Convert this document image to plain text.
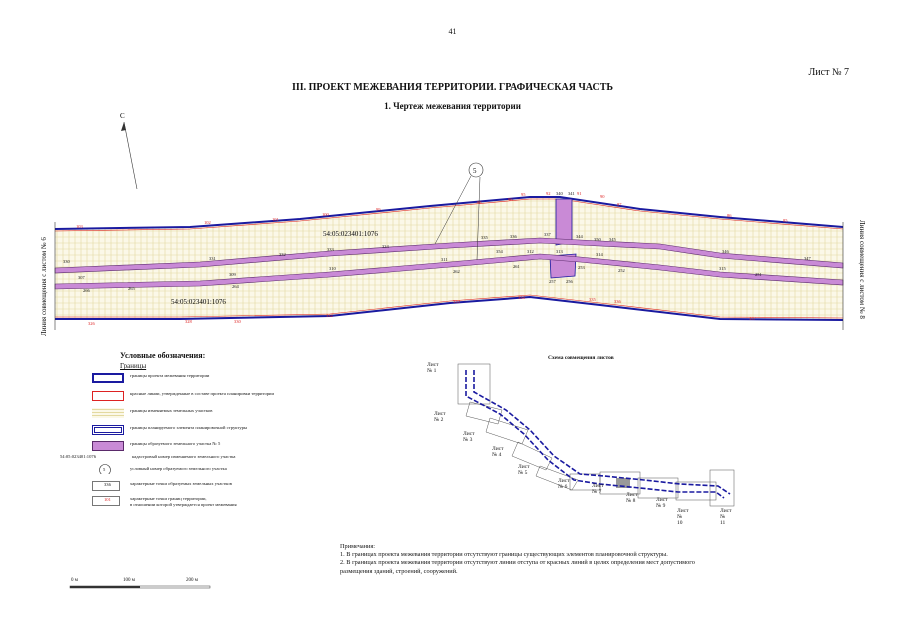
41
Лист № 7
III. ПРОЕКТ МЕЖЕВАНИЯ ТЕРРИТОРИИ. ГРАФИЧЕСКАЯ ЧАСТЬ
1. Чертеж межевания территории
С
5
54:05:023401:1076
54:05:023401:1076
103
102
101
100
99
98
96
95	92 340 341 91
90
87
86
85
326	328	330
332
333
334	335	336
337
330
331
332
333
334
335	336	337	344
350 345
346
347
310
311
312	313
314
315
307
309
264
265
266
262
261
354
257 256
253
252
251
Линия совмещения с листом № 6	Линия совмещения с листом № 8
Условные обозначения:
Границы
границы проекта межевания территории
красные линии, утвержденные в составе проекта планировки территории
границы изменяемых земельных участков
границы планируемого элемента планировочной структуры
границы образуемого земельного участка № 5
54:05:023401:1076	кадастровый номер изменяемого земельного участка
5	условный номер образуемого земельного участка
336	характерные точки образуемых земельных участков
101	характерные точки границ территории,
в отношении которой утверждается проект межевания
Схема совмещения листов
Лист № 1
Лист № 2
Лист № 3
Лист № 4
Лист № 5
Лист № 6	Лист № 7	Лист № 8	Лист № 9
Лист № 10
Лист № 11
Примечания:
1. В границах проекта межевания территории отсутствуют границы существующих элементов планировочной структуры.
2. В границах проекта межевания территории отсутствуют линии отступа от красных линий в целях определения мест допустимого
размещения зданий, строений, сооружений.
0 м	100 м	200 м
